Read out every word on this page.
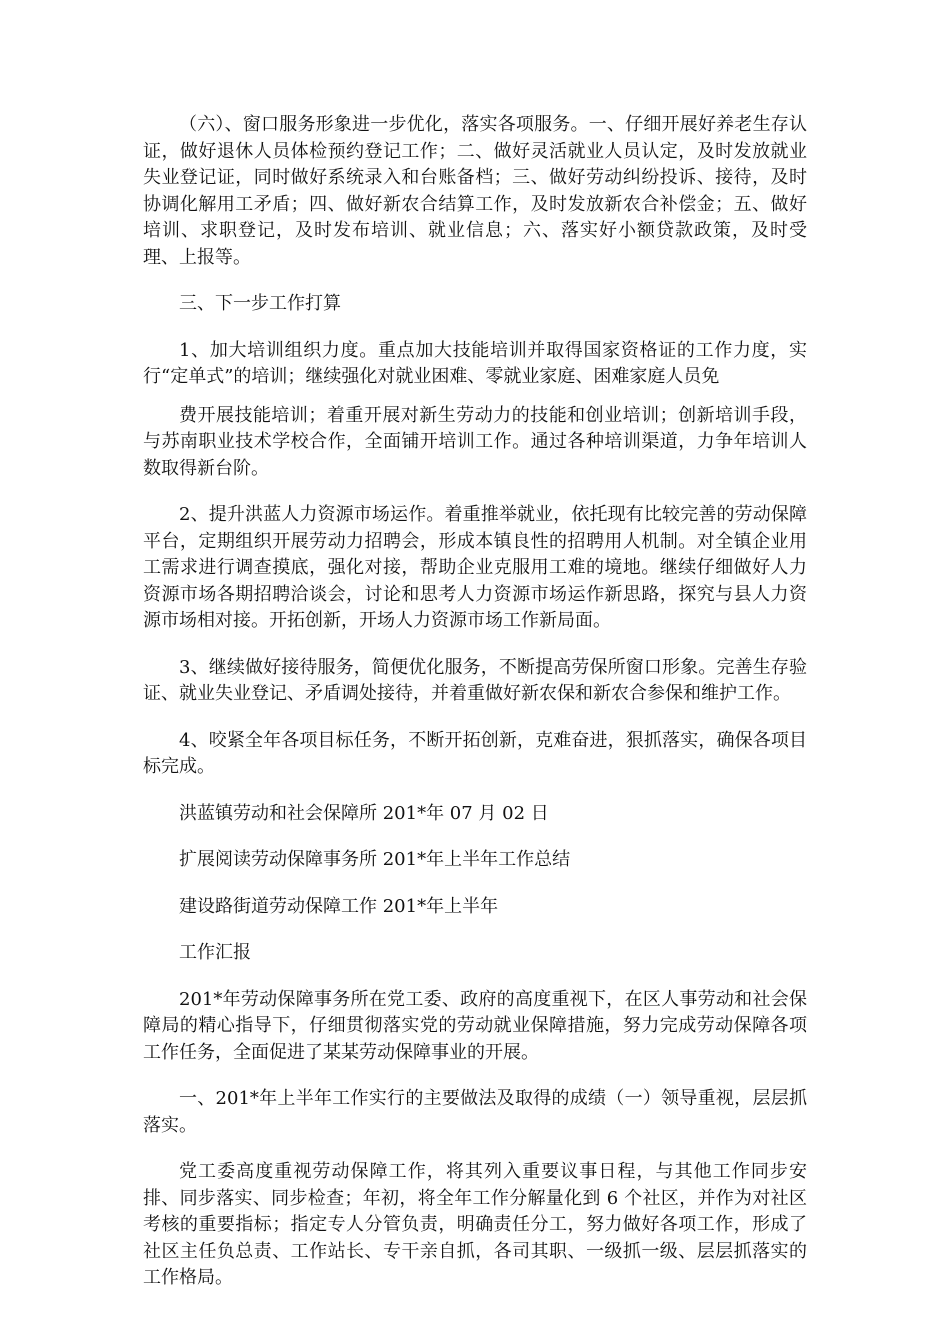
（六）、窗口服务形象进一步优化，落实各项服务。一、仔细开展好养老生存认证，做好退休人员体检预约登记工作；二、做好灵活就业人员认定，及时发放就业失业登记证，同时做好系统录入和台账备档；三、做好劳动纠纷投诉、接待，及时协调化解用工矛盾；四、做好新农合结算工作，及时发放新农合补偿金；五、做好培训、求职登记，及时发布培训、就业信息；六、落实好小额贷款政策，及时受理、上报等。

三、下一步工作打算

1、加大培训组织力度。重点加大技能培训并取得国家资格证的工作力度，实行“定单式”的培训；继续强化对就业困难、零就业家庭、困难家庭人员免

费开展技能培训；着重开展对新生劳动力的技能和创业培训；创新培训手段，与苏南职业技术学校合作，全面铺开培训工作。通过各种培训渠道，力争年培训人数取得新台阶。

2、提升洪蓝人力资源市场运作。着重推举就业，依托现有比较完善的劳动保障平台，定期组织开展劳动力招聘会，形成本镇良性的招聘用人机制。对全镇企业用工需求进行调查摸底，强化对接，帮助企业克服用工难的境地。继续仔细做好人力资源市场各期招聘洽谈会，讨论和思考人力资源市场运作新思路，探究与县人力资源市场相对接。开拓创新，开场人力资源市场工作新局面。

3、继续做好接待服务，简便优化服务，不断提高劳保所窗口形象。完善生存验证、就业失业登记、矛盾调处接待，并着重做好新农保和新农合参保和维护工作。

4、咬紧全年各项目标任务，不断开拓创新，克难奋进，狠抓落实，确保各项目标完成。

洪蓝镇劳动和社会保障所 201*年 07 月 02 日

扩展阅读劳动保障事务所 201*年上半年工作总结

建设路街道劳动保障工作 201*年上半年

工作汇报

201*年劳动保障事务所在党工委、政府的高度重视下，在区人事劳动和社会保障局的精心指导下，仔细贯彻落实党的劳动就业保障措施，努力完成劳动保障各项工作任务，全面促进了某某劳动保障事业的开展。

一、201*年上半年工作实行的主要做法及取得的成绩（一）领导重视，层层抓落实。

党工委高度重视劳动保障工作，将其列入重要议事日程，与其他工作同步安排、同步落实、同步检查；年初，将全年工作分解量化到 6 个社区，并作为对社区考核的重要指标；指定专人分管负责，明确责任分工，努力做好各项工作，形成了社区主任负总责、工作站长、专干亲自抓，各司其职、一级抓一级、层层抓落实的工作格局。
